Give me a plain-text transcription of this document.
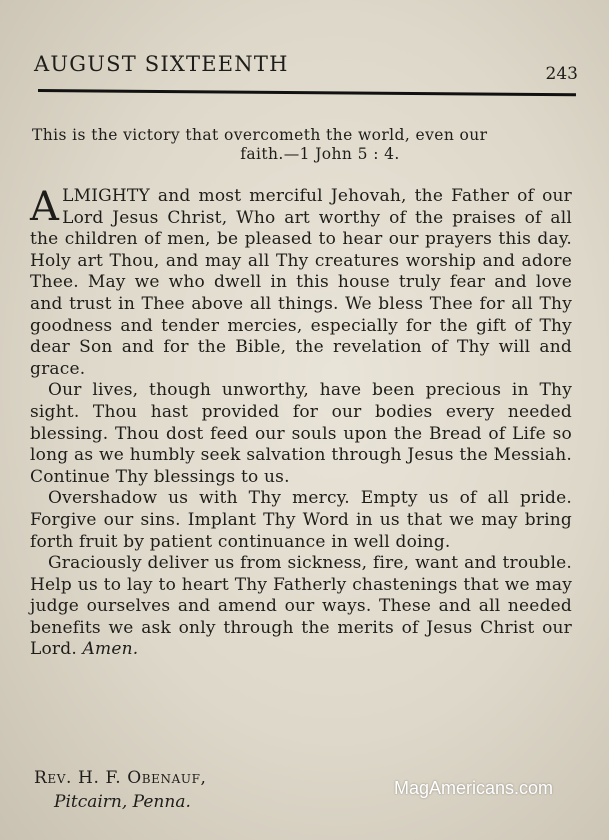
AUGUST SIXTEENTH	243
This is the victory that overcometh the world, even our
faith.—1 John 5 : 4.

ALMIGHTY and most merciful Jehovah, the Father of our Lord Jesus Christ, Who art worthy of the praises of all the children of men, be pleased to hear our prayers this day. Holy art Thou, and may all Thy creatures worship and adore Thee. May we who dwell in this house truly fear and love and trust in Thee above all things. We bless Thee for all Thy goodness and tender mercies, especially for the gift of Thy dear Son and for the Bible, the revelation of Thy will and grace.

Our lives, though unworthy, have been precious in Thy sight. Thou hast provided for our bodies every needed blessing. Thou dost feed our souls upon the Bread of Life so long as we humbly seek salvation through Jesus the Messiah. Continue Thy blessings to us.

Overshadow us with Thy mercy. Empty us of all pride. Forgive our sins. Implant Thy Word in us that we may bring forth fruit by patient continuance in well doing.

Graciously deliver us from sickness, fire, want and trouble. Help us to lay to heart Thy Fatherly chastenings that we may judge ourselves and amend our ways. These and all needed benefits we ask only through the merits of Jesus Christ our Lord. Amen.

Rev. H. F. Obenauf,
Pitcairn, Penna.
MagAmericans.com
